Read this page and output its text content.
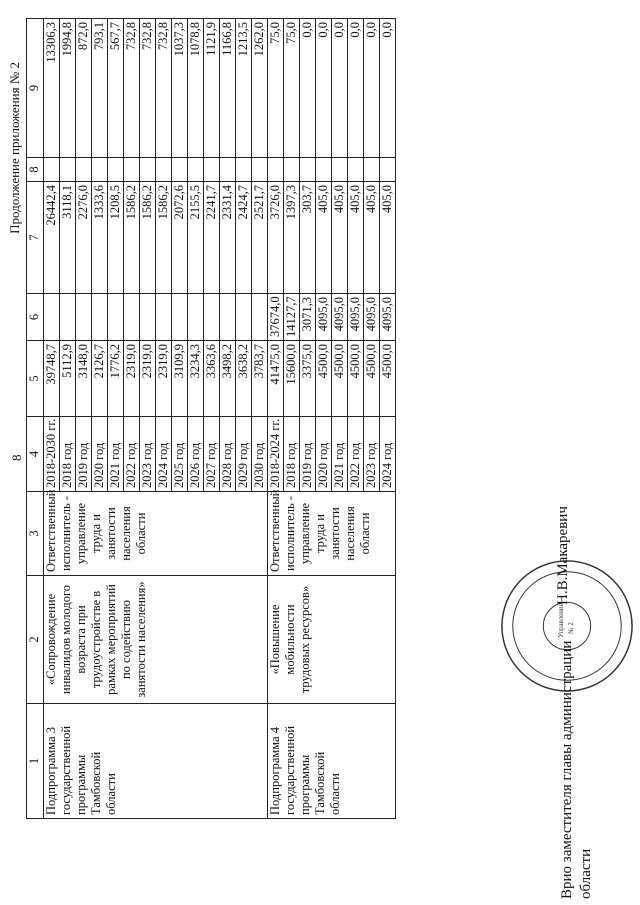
8
Продолжение приложения № 2
1	2	3	4	5	6	7	8	9
Подпрограмма 3 государственной программы Тамбовской области	«Сопровождение инвалидов молодого возраста при трудоустройстве в рамках мероприятий по содействию занятости населения»	Ответственный исполнитель - управление труда и занятости населения области	2018-2030 гг.	39748,7		26442,4		13306,3
			2018 год	5112,9		3118,1		1994,8
			2019 год	3148,0		2276,0		872,0
			2020 год	2126,7		1333,6		793,1
			2021 год	1776,2		1208,5		567,7
			2022 год	2319,0		1586,2		732,8
			2023 год	2319,0		1586,2		732,8
			2024 год	2319,0		1586,2		732,8
			2025 год	3109,9		2072,6		1037,3
			2026 год	3234,3		2155,5		1078,8
			2027 год	3363,6		2241,7		1121,9
			2028 год	3498,2		2331,4		1166,8
			2029 год	3638,2		2424,7		1213,5
			2030 год	3783,7		2521,7		1262,0
Подпрограмма 4 государственной программы Тамбовской области	«Повышение мобильности трудовых ресурсов»	Ответственный исполнитель - управление труда и занятости населения области	2018-2024 гг.	41475,0	37674,0	3726,0		75,0
			2018 год	15600,0	14127,7	1397,3		75,0
			2019 год	3375,0	3071,3	303,7		0,0
			2020 год	4500,0	4095,0	405,0		0,0
			2021 год	4500,0	4095,0	405,0		0,0
			2022 год	4500,0	4095,0	405,0		0,0
			2023 год	4500,0	4095,0	405,0		0,0
			2024 год	4500,0	4095,0	405,0		0,0
Управление № 2
Врио заместителя главы администрации области
Н.В.Макаревич
